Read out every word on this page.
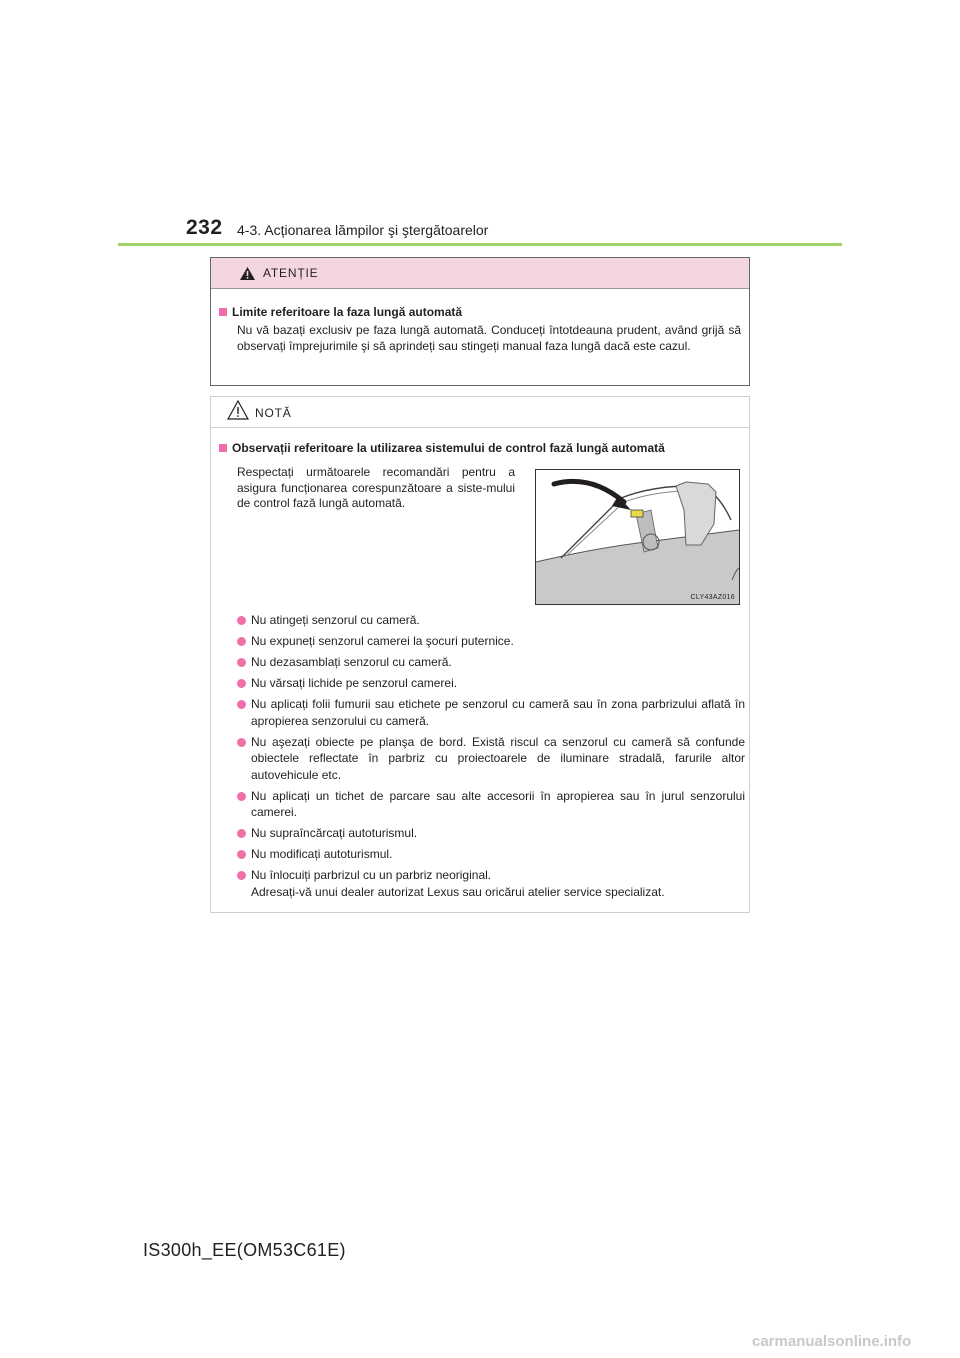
232 4-3. Acționarea lămpilor şi ştergătoarelor
ATENȚIE
Limite referitoare la faza lungă automată
Nu vă bazați exclusiv pe faza lungă automată. Conduceți întotdeauna prudent, având grijă să observați împrejurimile şi să aprindeți sau stingeți manual faza lungă dacă este cazul.
NOTĂ
Observații referitoare la utilizarea sistemului de control fază lungă automată
Respectați următoarele recomandări pentru a asigura funcționarea corespunzătoare a siste-mului de control fază lungă automată.
CLY43AZ016
Nu atingeți senzorul cu cameră.
Nu expuneți senzorul camerei la şocuri puternice.
Nu dezasamblați senzorul cu cameră.
Nu vărsați lichide pe senzorul camerei.
Nu aplicați folii fumurii sau etichete pe senzorul cu cameră sau în zona parbrizului aflată în apropierea senzorului cu cameră.
Nu aşezați obiecte pe planşa de bord. Există riscul ca senzorul cu cameră să confunde obiectele reflectate în parbriz cu proiectoarele de iluminare stradală, farurile altor autovehicule etc.
Nu aplicați un tichet de parcare sau alte accesorii în apropierea sau în jurul senzorului camerei.
Nu supraîncărcați autoturismul.
Nu modificați autoturismul.
Nu înlocuiți parbrizul cu un parbriz neoriginal.
Adresați-vă unui dealer autorizat Lexus sau oricărui atelier service specializat.
IS300h_EE(OM53C61E)
carmanualsonline.info
